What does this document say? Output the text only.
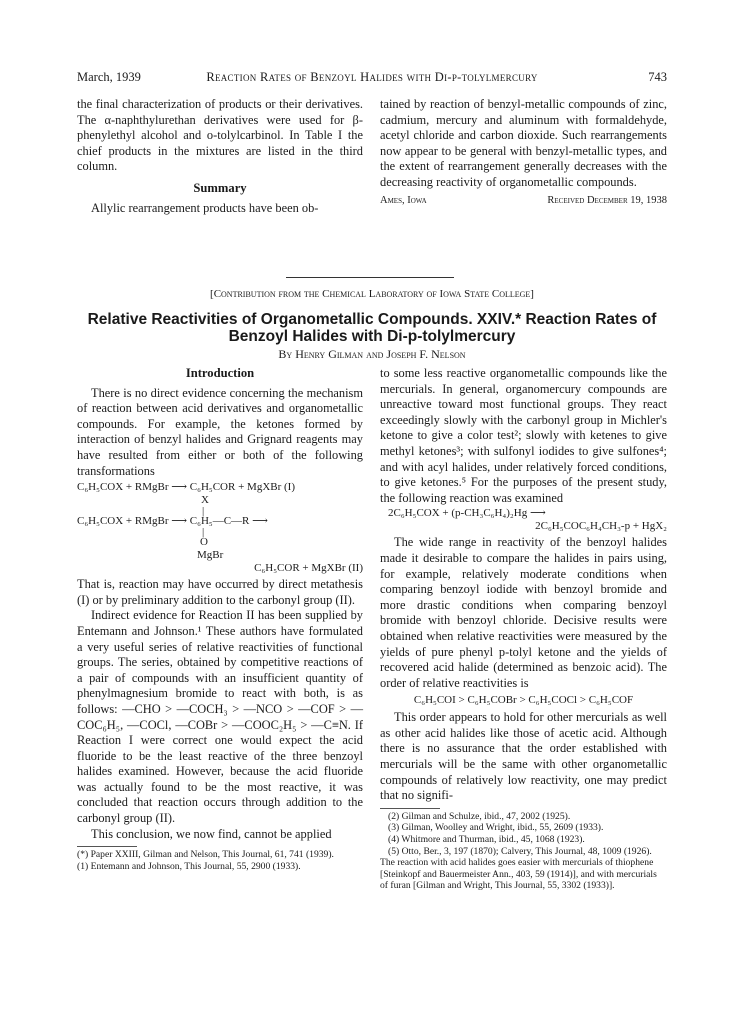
March, 1939	Reaction Rates of Benzoyl Halides with Di-p-tolylmercury	743

the final characterization of products or their derivatives. The α-naphthylurethan derivatives were used for β-phenylethyl alcohol and o-tolylcarbinol. In Table I the chief products in the mixtures are listed in the third column.

Summary

Allylic rearrangement products have been ob-

tained by reaction of benzyl-metallic compounds of zinc, cadmium, mercury and aluminum with formaldehyde, acetyl chloride and carbon dioxide. Such rearrangements now appear to be general with benzyl-metallic types, and the extent of rearrangement generally decreases with the decreasing reactivity of organometallic compounds.

Ames, Iowa	Received December 19, 1938
[Contribution from the Chemical Laboratory of Iowa State College]
Relative Reactivities of Organometallic Compounds. XXIV.* Reaction Rates of
Benzoyl Halides with Di-p-tolylmercury
By Henry Gilman and Joseph F. Nelson
Introduction

There is no direct evidence concerning the mechanism of reaction between acid derivatives and organometallic compounds. For example, the ketones formed by interaction of benzyl halides and Grignard reagents may have resulted from either or both of the following transformations

C₆H₅COX + RMgBr ⟶ C₆H₅COR + MgXBr (I)
X
|
C₆H₅COX + RMgBr ⟶ C₆H₅—C—R ⟶
|
O
MgBr
C₆H₅COR + MgXBr (II)

That is, reaction may have occurred by direct metathesis (I) or by preliminary addition to the carbonyl group (II).

Indirect evidence for Reaction II has been supplied by Entemann and Johnson.¹ These authors have formulated a very useful series of relative reactivities of functional groups. The series, obtained by competitive reactions of a pair of compounds with an insufficient quantity of phenylmagnesium bromide to react with both, is as follows: —CHO > —COCH₃ > —NCO > —COF > —COC₆H₅, —COCl, —COBr > —COOC₂H₅ > —C≡N. If Reaction I were correct one would expect the acid fluoride to be the least reactive of the three benzoyl halides examined. However, because the acid fluoride was actually found to be the most reactive, it was concluded that reaction occurs through addition to the carbonyl group (II).

This conclusion, we now find, cannot be applied

(*) Paper XXIII, Gilman and Nelson, This Journal, 61, 741 (1939).

(1) Entemann and Johnson, This Journal, 55, 2900 (1933).

to some less reactive organometallic compounds like the mercurials. In general, organomercury compounds are unreactive toward most functional groups. They react exceedingly slowly with the carbonyl group in Michler's ketone to give a color test²; slowly with ketenes to give methyl ketones³; with sulfonyl iodides to give sulfones⁴; and with acyl halides, under relatively forced conditions, to give ketones.⁵ For the purposes of the present study, the following reaction was examined

2C₆H₅COX + (p-CH₃C₆H₄)₂Hg ⟶
2C₆H₅COC₆H₄CH₃-p + HgX₂

The wide range in reactivity of the benzoyl halides made it desirable to compare the halides in pairs using, for example, relatively moderate conditions when comparing benzoyl iodide with benzoyl bromide and more drastic conditions when comparing benzoyl bromide with benzoyl chloride. Decisive results were obtained when relative reactivities were measured by the yields of pure phenyl p-tolyl ketone and the yields of recovered acid halide (determined as benzoic acid). The order of relative reactivities is

C₆H₅COI > C₆H₅COBr > C₆H₅COCl > C₆H₅COF

This order appears to hold for other mercurials as well as other acid halides like those of acetic acid. Although there is no assurance that the order established with mercurials will be the same with other organometallic compounds of relatively low reactivity, one may predict that no signifi-

(2) Gilman and Schulze, ibid., 47, 2002 (1925).

(3) Gilman, Woolley and Wright, ibid., 55, 2609 (1933).

(4) Whitmore and Thurman, ibid., 45, 1068 (1923).

(5) Otto, Ber., 3, 197 (1870); Calvery, This Journal, 48, 1009 (1926). The reaction with acid halides goes easier with mercurials of thiophene [Steinkopf and Bauermeister Ann., 403, 59 (1914)], and with mercurials of furan [Gilman and Wright, This Journal, 55, 3302 (1933)].
